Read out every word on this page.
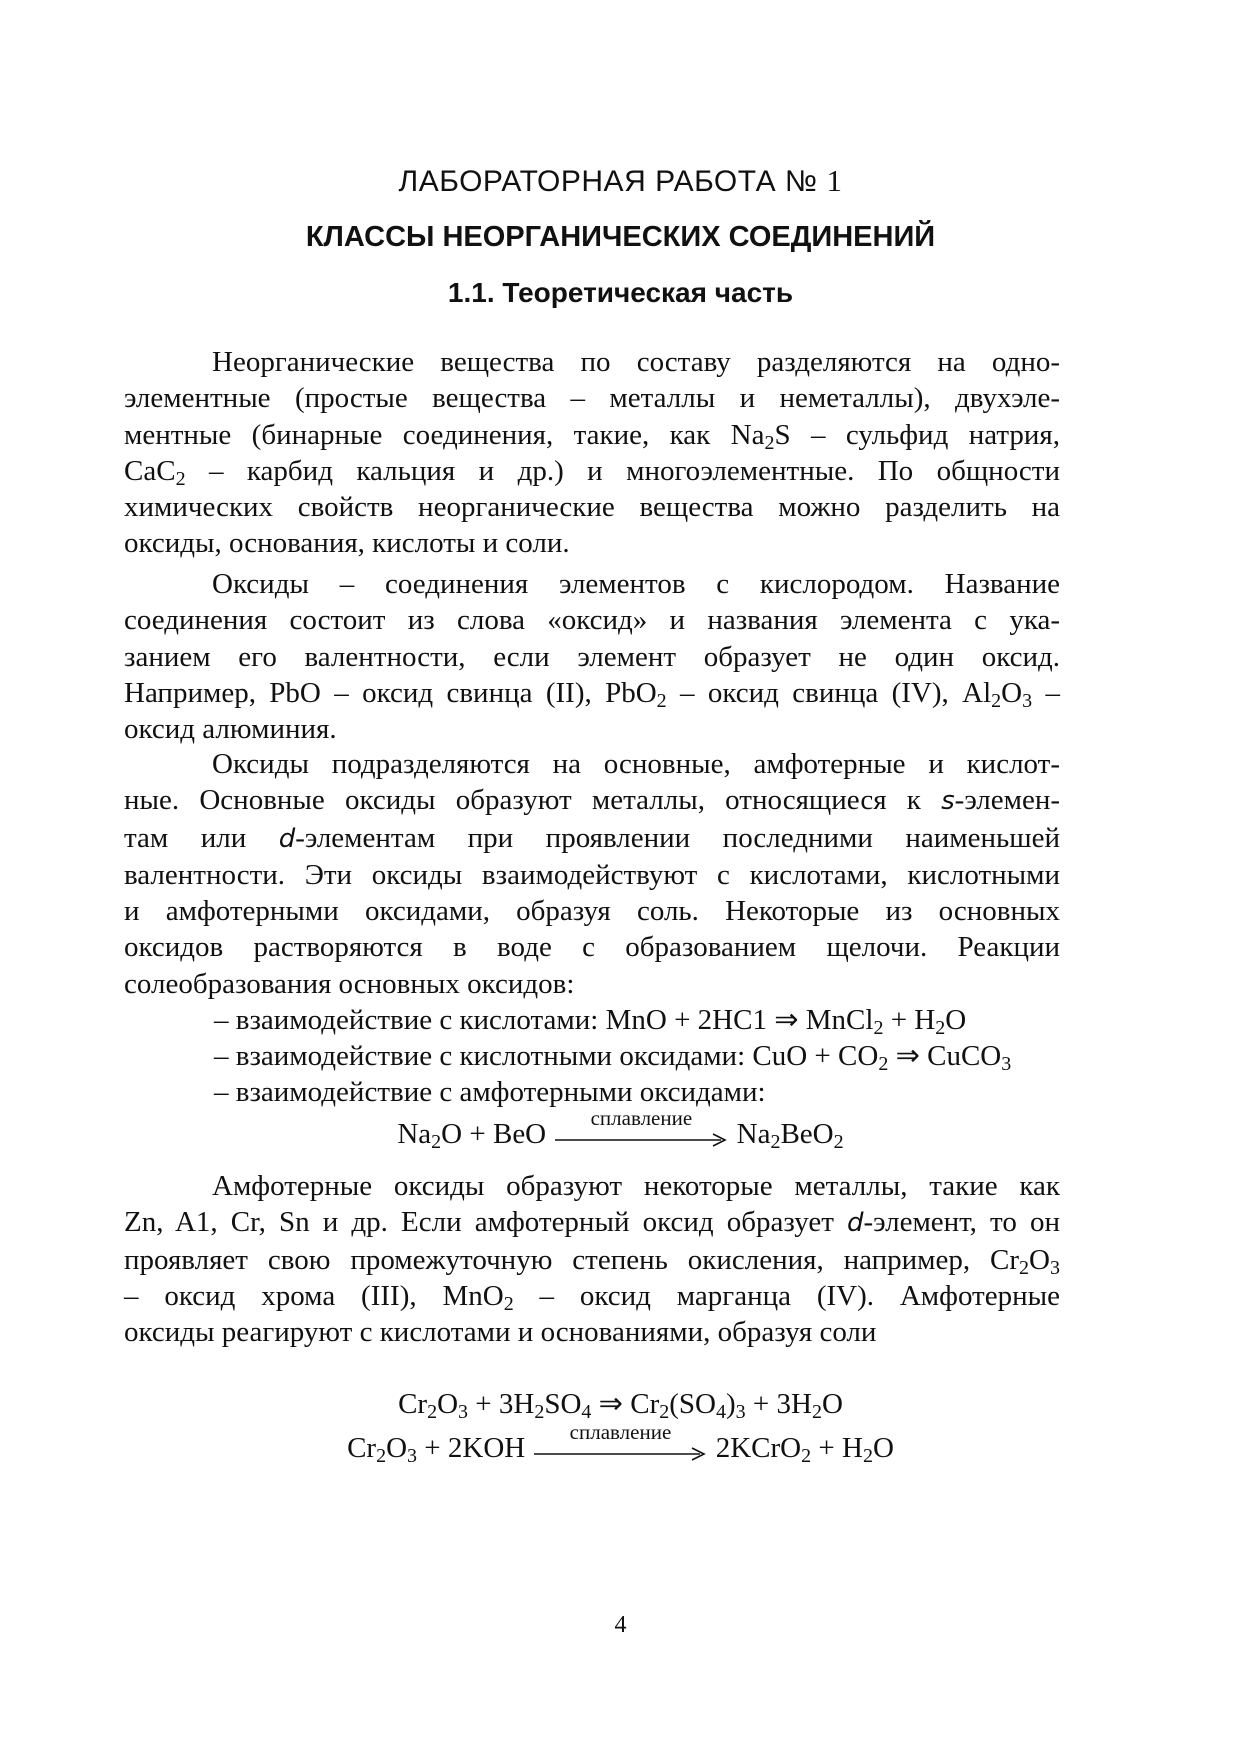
ЛАБОРАТОРНАЯ РАБОТА № 1
КЛАССЫ НЕОРГАНИЧЕСКИХ СОЕДИНЕНИЙ
1.1. Теоретическая часть
Неорганические вещества по составу разделяются на одно-
элементные (простые вещества – металлы и неметаллы), двухэле-
ментные (бинарные соединения, такие, как $Na_2S$ – сульфид натрия,
CaC$_2$ – карбид кальция и др.) и многоэлементные. По общности
химических свойств неорганические вещества можно разделить на
оксиды, основания, кислоты и соли.
Оксиды – соединения элементов с кислородом. Название
соединения состоит из слова «оксид» и названия элемента с ука-
занием его валентности, если элемент образует не один оксид.
Например, PbO – оксид свинца (II), PbO$_2$ – оксид свинца (IV), $Al_2O_3$ –
оксид алюминия.
Оксиды подразделяются на основные, амфотерные и кислот-
ные. Основные оксиды образуют металлы, относящиеся к s-элемен-
там или d-элементам при проявлении последними наименьшей
валентности. Эти оксиды взаимодействуют с кислотами, кислотными
и амфотерными оксидами, образуя соль. Некоторые из основных
оксидов растворяются в воде с образованием щелочи. Реакции
солеобразования основных оксидов:
– взаимодействие с кислотами: MnO + 2HC1 ⇒ MnCl$_2$ + $H_2O$
– взаимодействие с кислотными оксидами: CuO + $CO_2$ ⇒ CuCO$_3$
– взаимодействие с амфотерными оксидами:
$Na_2O$ + BeO	сплавление	$Na_2BeO_2$
Амфотерные оксиды образуют некоторые металлы, такие как
Zn, A1, Cr, Sn и др. Если амфотерный оксид образует d-элемент, то он
проявляет свою промежуточную степень окисления, например, $Cr_2O_3$
– оксид хрома (III), MnO$_2$ – оксид марганца (IV). Амфотерные
оксиды реагируют с кислотами и основаниями, образуя соли
$Cr_2O_3 + 3H_2SO_4$ ⇒ $Cr_2(SO_4)_3 + 3H_2O$
$Cr_2O_3 + 2KOH$	сплавление	2KCrO$_2$ + $H_2O$
4
